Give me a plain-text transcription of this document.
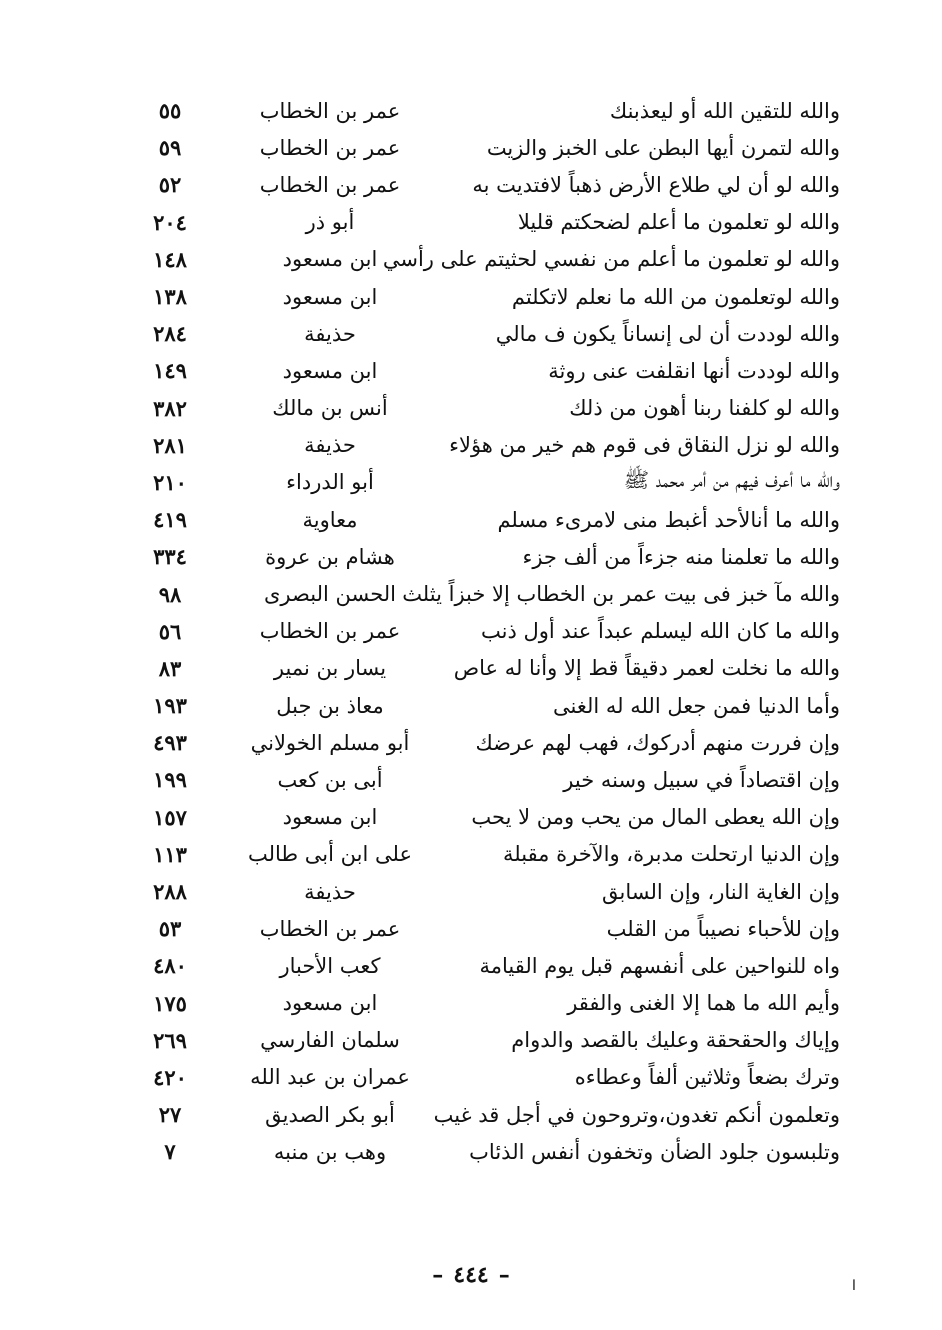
والله للتقين الله أو ليعذبنك
عمر بن الخطاب
٥٥
والله لتمرن أيها البطن على الخبز والزيت
عمر بن الخطاب
٥٩
والله لو أن لي طلاع الأرض ذهباً لافتديت به
عمر بن الخطاب
٥٢
والله لو تعلمون ما أعلم لضحكتم قليلا
أبو ذر
٢٠٤
والله لو تعلمون ما أعلم من نفسي لحثيتم على رأسي
ابن مسعود
١٤٨
والله لوتعلمون من الله ما نعلم لاتكلتم
ابن مسعود
١٣٨
والله لوددت أن لى إنساناً يكون ف مالي
حذيفة
٢٨٤
والله لوددت أنها انقلفت عنى روثة
ابن مسعود
١٤٩
والله لو كلفنا ربنا أهون من ذلك
أنس بن مالك
٣٨٢
والله لو نزل النقاق فى قوم هم خير من هؤلاء
حذيفة
٢٨١
والله ما أعرف فيهم من أمر محمد ﷺ
أبو الدرداء
٢١٠
والله ما أنالأحد أغبط منى لامرىء مسلم
معاوية
٤١٩
والله ما تعلمنا منه جزءاً من ألف جزء
هشام بن عروة
٣٣٤
والله مآ خبز فى بيت عمر بن الخطاب إلا خبزاً يثلث
الحسن البصرى
٩٨
والله ما كان الله ليسلم عبداً عند أول ذنب
عمر بن الخطاب
٥٦
والله ما نخلت لعمر دقيقاً قط إلا وأنا له عاص
يسار بن نمير
٨٣
وأما الدنيا فمن جعل الله له الغنى
معاذ بن جبل
١٩٣
وإن فررت منهم أدركوك، فهب لهم عرضك
أبو مسلم الخولاني
٤٩٣
وإن اقتصاداً في سبيل وسنه خير
أبى بن كعب
١٩٩
وإن الله يعطى المال من يحب ومن لا يحب
ابن مسعود
١٥٧
وإن الدنيا ارتحلت مدبرة، والآخرة مقبلة
على ابن أبى طالب
١١٣
وإن الغاية النار، وإن السابق
حذيفة
٢٨٨
وإن للأحباء نصيباً من القلب
عمر بن الخطاب
٥٣
واه للنواحين على أنفسهم قبل يوم القيامة
كعب الأحبار
٤٨٠
وأيم الله ما هما إلا الغنى والفقر
ابن مسعود
١٧٥
وإياك والحقحقة وعليك بالقصد والدوام
سلمان الفارسي
٢٦٩
وترك بضعاً وثلاثين ألفاً وعطاءه
عمران بن عبد الله
٤٢٠
وتعلمون أنكم تغدون،وتروحون في أجل قد غيب
أبو بكر الصديق
٢٧
وتلبسون جلود الضأن وتخفون أنفس الذئاب
وهب بن منبه
٧
–٤٤٤–	ا
